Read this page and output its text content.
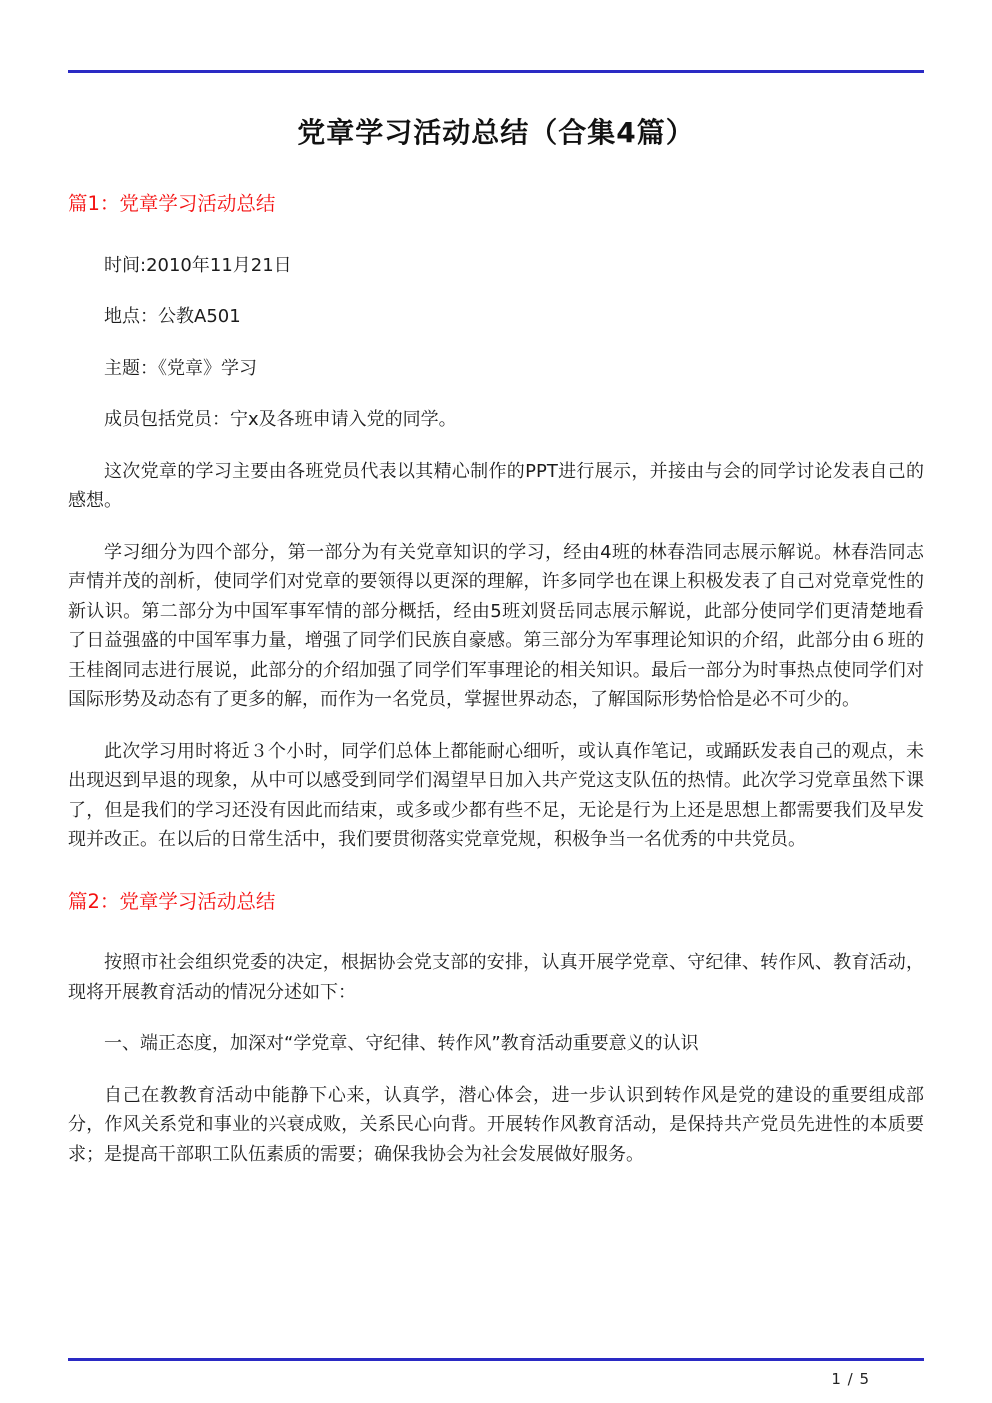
党章学习活动总结（合集4篇）
篇1：党章学习活动总结

时间:2010年11月21日

地点：公教A501

主题：《党章》学习

成员包括党员：宁x及各班申请入党的同学。

这次党章的学习主要由各班党员代表以其精心制作的PPT进行展示，并接由与会的同学讨论发表自己的感想。

学习细分为四个部分，第一部分为有关党章知识的学习，经由4班的林春浩同志展示解说。林春浩同志声情并茂的剖析，使同学们对党章的要领得以更深的理解，许多同学也在课上积极发表了自己对党章党性的新认识。第二部分为中国军事军情的部分概括，经由5班刘贤岳同志展示解说，此部分使同学们更清楚地看了日益强盛的中国军事力量，增强了同学们民族自豪感。第三部分为军事理论知识的介绍，此部分由６班的王桂阁同志进行展说，此部分的介绍加强了同学们军事理论的相关知识。最后一部分为时事热点使同学们对国际形势及动态有了更多的解，而作为一名党员，掌握世界动态，了解国际形势恰恰是必不可少的。

此次学习用时将近３个小时，同学们总体上都能耐心细听，或认真作笔记，或踊跃发表自己的观点，未出现迟到早退的现象，从中可以感受到同学们渴望早日加入共产党这支队伍的热情。此次学习党章虽然下课了，但是我们的学习还没有因此而结束，或多或少都有些不足，无论是行为上还是思想上都需要我们及早发现并改正。在以后的日常生活中，我们要贯彻落实党章党规，积极争当一名优秀的中共党员。

篇2：党章学习活动总结

按照市社会组织党委的决定，根据协会党支部的安排，认真开展学党章、守纪律、转作风、教育活动，现将开展教育活动的情况分述如下：

一、端正态度，加深对“学党章、守纪律、转作风”教育活动重要意义的认识

自己在教教育活动中能静下心来，认真学，潜心体会，进一步认识到转作风是党的建设的重要组成部分，作风关系党和事业的兴衰成败，关系民心向背。开展转作风教育活动，是保持共产党员先进性的本质要求；是提高干部职工队伍素质的需要；确保我协会为社会发展做好服务。

1 / 5
